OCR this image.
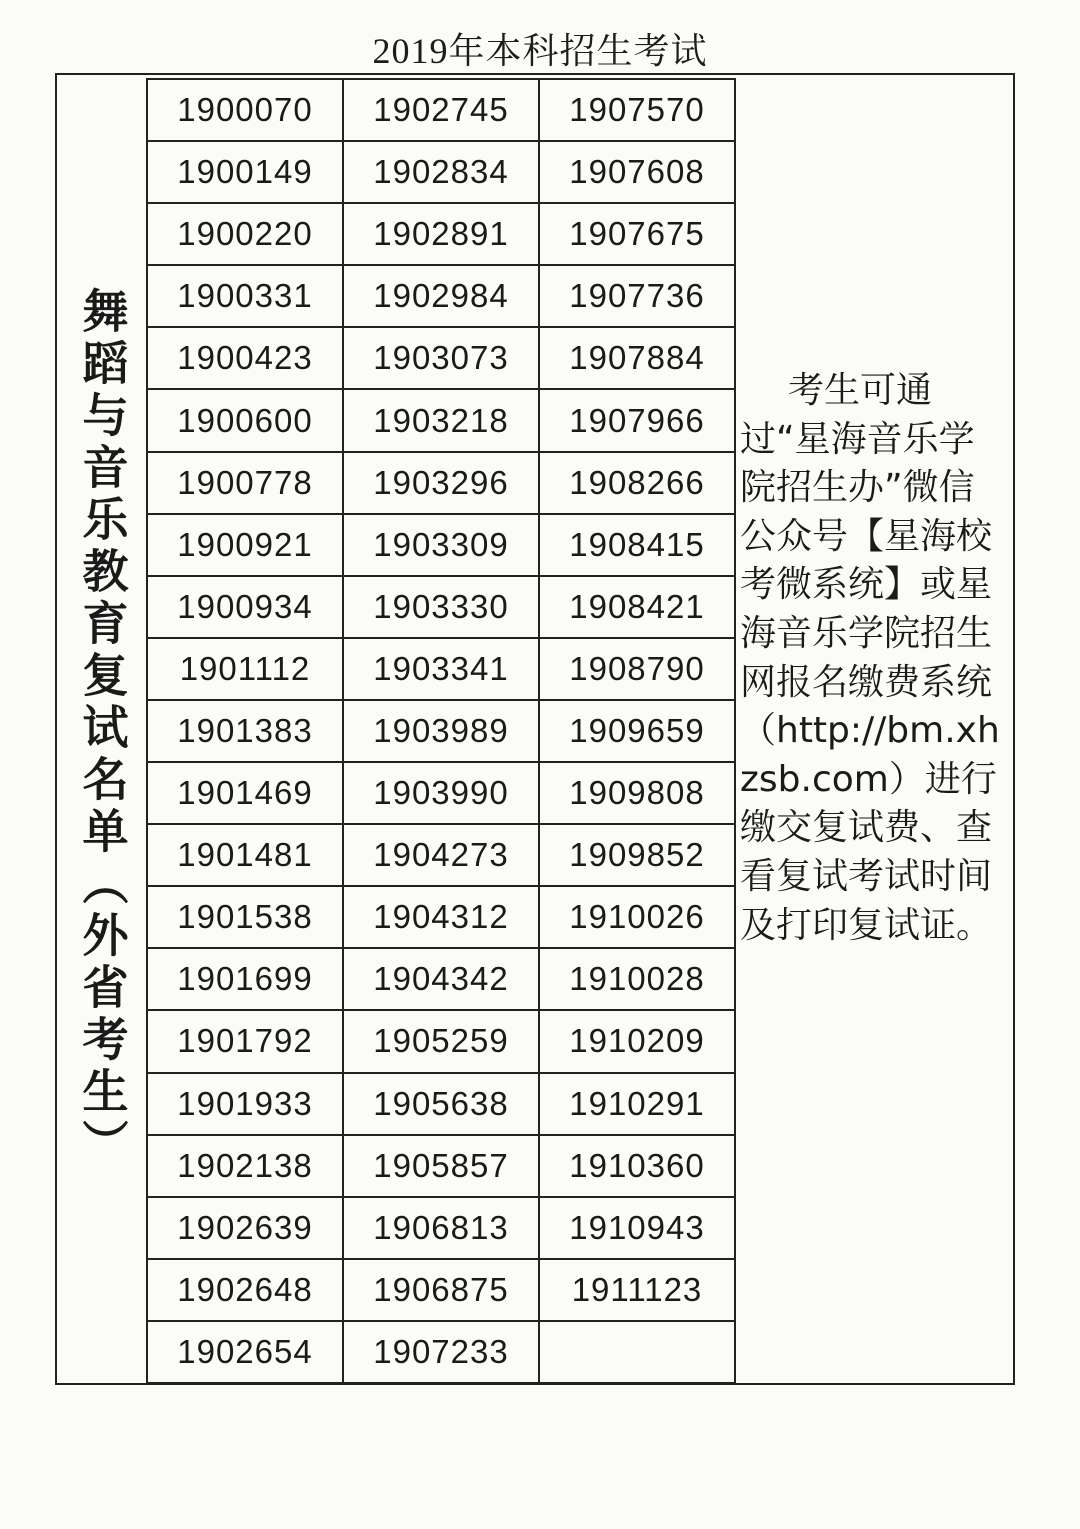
2019年本科招生考试
舞蹈与音乐教育复试名单（外省考生）
1900070	1902745	1907570
1900149	1902834	1907608
1900220	1902891	1907675
1900331	1902984	1907736
1900423	1903073	1907884
1900600	1903218	1907966
1900778	1903296	1908266
1900921	1903309	1908415
1900934	1903330	1908421
1901112	1903341	1908790
1901383	1903989	1909659
1901469	1903990	1909808
1901481	1904273	1909852
1901538	1904312	1910026
1901699	1904342	1910028
1901792	1905259	1910209
1901933	1905638	1910291
1902138	1905857	1910360
1902639	1906813	1910943
1902648	1906875	1911123
1902654	1907233	
考生可通过“星海音乐学院招生办”微信公众号【星海校考微系统】或星海音乐学院招生网报名缴费系统（http://bm.xhzsb.com）进行缴交复试费、查看复试考试时间及打印复试证。
